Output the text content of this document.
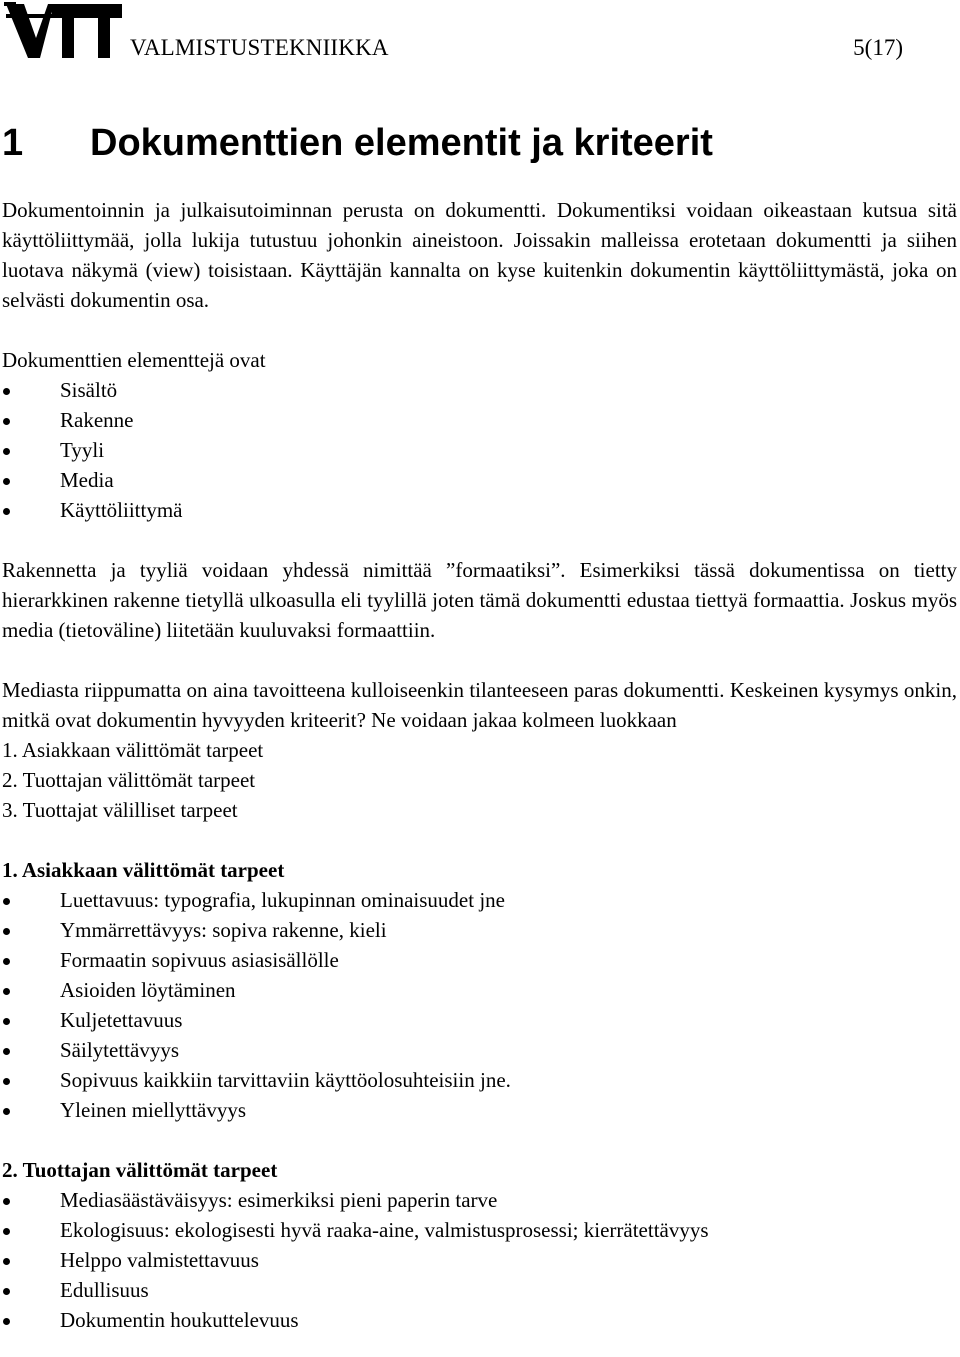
VALMISTUSTEKNIIKKA	5(17)
1 Dokumenttien elementit ja kriteerit

Dokumentoinnin ja julkaisutoiminnan perusta on dokumentti. Dokumentiksi voidaan oikeastaan kutsua sitä käyttöliittymää, jolla lukija tutustuu johonkin aineistoon. Joissakin malleissa erotetaan dokumentti ja siihen luotava näkymä (view) toisistaan. Käyttäjän kannalta on kyse kuitenkin dokumentin käyttöliittymästä, joka on selvästi dokumentin osa.

Dokumenttien elementtejä ovat

Sisältö
Rakenne
Tyyli
Media
Käyttöliittymä

Rakennetta ja tyyliä voidaan yhdessä nimittää ”formaatiksi”. Esimerkiksi tässä dokumentissa on tietty hierarkkinen rakenne tietyllä ulkoasulla eli tyylillä joten tämä dokumentti edustaa tiettyä formaattia. Joskus myös media (tietoväline) liitetään kuuluvaksi formaattiin.

Mediasta riippumatta on aina tavoitteena kulloiseenkin tilanteeseen paras dokumentti. Keskeinen kysymys onkin, mitkä ovat dokumentin hyvyyden kriteerit? Ne voidaan jakaa kolmeen luokkaan

1. Asiakkaan välittömät tarpeet

2. Tuottajan välittömät tarpeet

3. Tuottajat välilliset tarpeet

1. Asiakkaan välittömät tarpeet

Luettavuus: typografia, lukupinnan ominaisuudet jne
Ymmärrettävyys: sopiva rakenne, kieli
Formaatin sopivuus asiasisällölle
Asioiden löytäminen
Kuljetettavuus
Säilytettävyys
Sopivuus kaikkiin tarvittaviin käyttöolosuhteisiin jne.
Yleinen miellyttävyys

2. Tuottajan välittömät tarpeet

Mediasäästäväisyys: esimerkiksi pieni paperin tarve
Ekologisuus: ekologisesti hyvä raaka-aine, valmistusprosessi; kierrätettävyys
Helppo valmistettavuus
Edullisuus
Dokumentin houkuttelevuus
